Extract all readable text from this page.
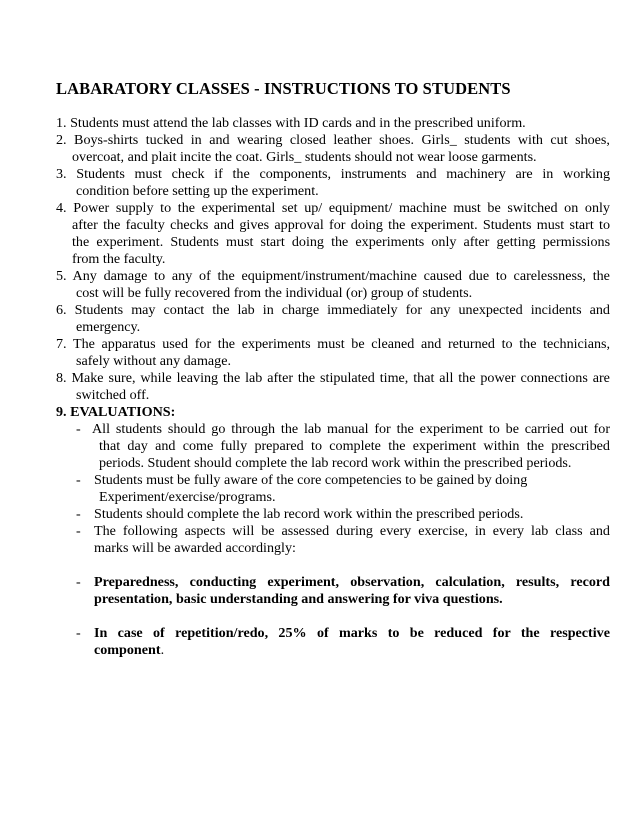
LABARATORY CLASSES - INSTRUCTIONS TO STUDENTS
1. Students must attend the lab classes with ID cards and in the prescribed uniform.
2. Boys-shirts tucked in and wearing closed leather shoes. Girls_ students with cut shoes,
overcoat, and plait incite the coat. Girls_ students should not wear loose garments.
3. Students must check if the components, instruments and machinery are in working
condition before setting up the experiment.
4. Power supply to the experimental set up/ equipment/ machine must be switched on only
after the faculty checks and gives approval for doing the experiment. Students must start to
the experiment. Students must start doing the experiments only after getting permissions
from the faculty.
5. Any damage to any of the equipment/instrument/machine caused due to carelessness, the
cost will be fully recovered from the individual (or) group of students.
6. Students may contact the lab in charge immediately for any unexpected incidents and
emergency.
7. The apparatus used for the experiments must be cleaned and returned to the technicians,
safely without any damage.
8. Make sure, while leaving the lab after the stipulated time, that all the power connections are
switched off.
9. EVALUATIONS:
- All students should go through the lab manual for the experiment to be carried out for
that day and come fully prepared to complete the experiment within the prescribed
periods. Student should complete the lab record work within the prescribed periods.
- Students must be fully aware of the core competencies to be gained by doing
Experiment/exercise/programs.
- Students should complete the lab record work within the prescribed periods.
- The following aspects will be assessed during every exercise, in every lab class and
marks will be awarded accordingly:
- Preparedness, conducting experiment, observation, calculation, results, record
presentation, basic understanding and answering for viva questions.
- In case of repetition/redo, 25% of marks to be reduced for the respective
component.
